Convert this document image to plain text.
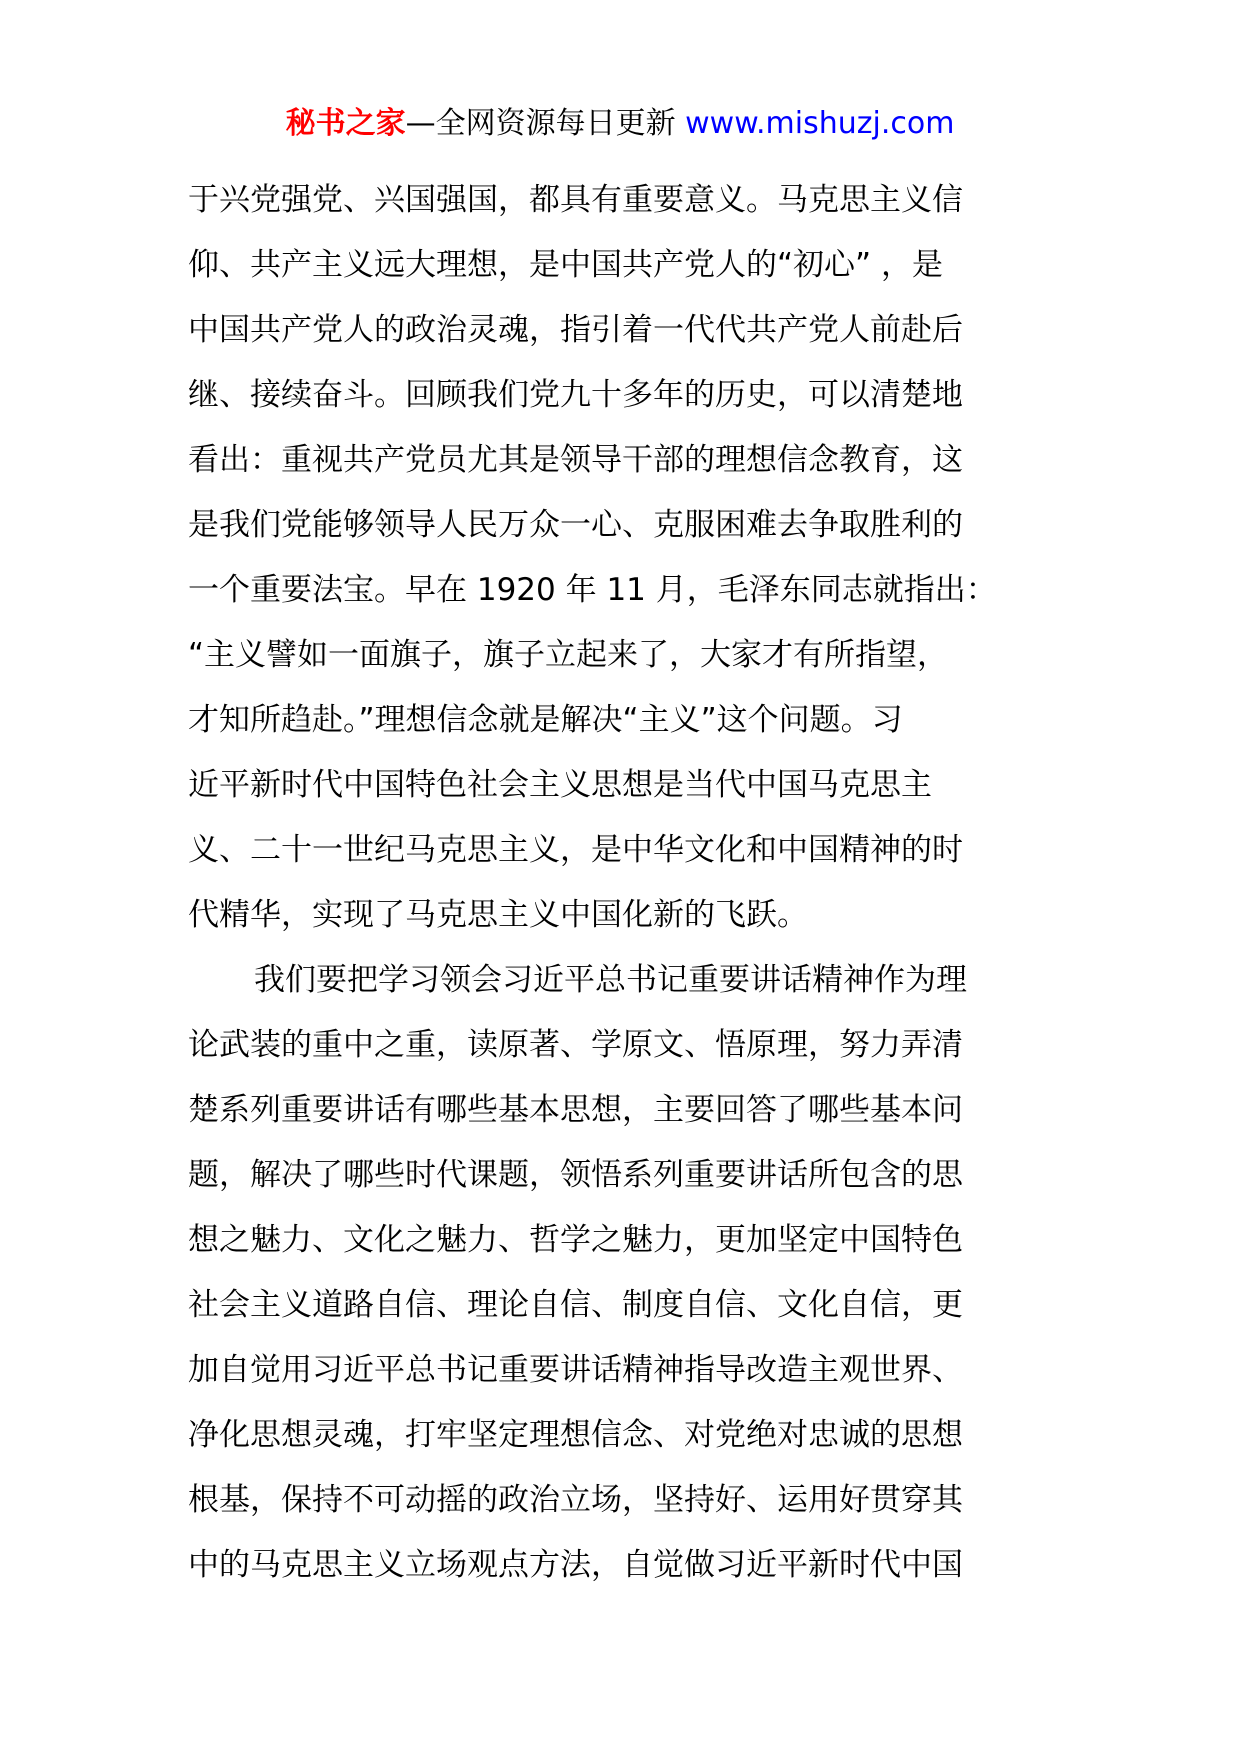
秘书之家—全网资源每日更新 www.mishuzj.com
于兴党强党、兴国强国，都具有重要意义。马克思主义信
仰、共产主义远大理想，是中国共产党人的“初心” ，是
中国共产党人的政治灵魂，指引着一代代共产党人前赴后
继、接续奋斗。回顾我们党九十多年的历史，可以清楚地
看出：重视共产党员尤其是领导干部的理想信念教育，这
是我们党能够领导人民万众一心、克服困难去争取胜利的
一个重要法宝。早在 1920 年 11 月，毛泽东同志就指出：
“主义譬如一面旗子，旗子立起来了，大家才有所指望，
才知所趋赴。”理想信念就是解决“主义”这个问题。习
近平新时代中国特色社会主义思想是当代中国马克思主
义、二十一世纪马克思主义，是中华文化和中国精神的时
代精华，实现了马克思主义中国化新的飞跃。
我们要把学习领会习近平总书记重要讲话精神作为理
论武装的重中之重，读原著、学原文、悟原理，努力弄清
楚系列重要讲话有哪些基本思想，主要回答了哪些基本问
题，解决了哪些时代课题，领悟系列重要讲话所包含的思
想之魅力、文化之魅力、哲学之魅力，更加坚定中国特色
社会主义道路自信、理论自信、制度自信、文化自信，更
加自觉用习近平总书记重要讲话精神指导改造主观世界、
净化思想灵魂，打牢坚定理想信念、对党绝对忠诚的思想
根基，保持不可动摇的政治立场，坚持好、运用好贯穿其
中的马克思主义立场观点方法，自觉做习近平新时代中国
